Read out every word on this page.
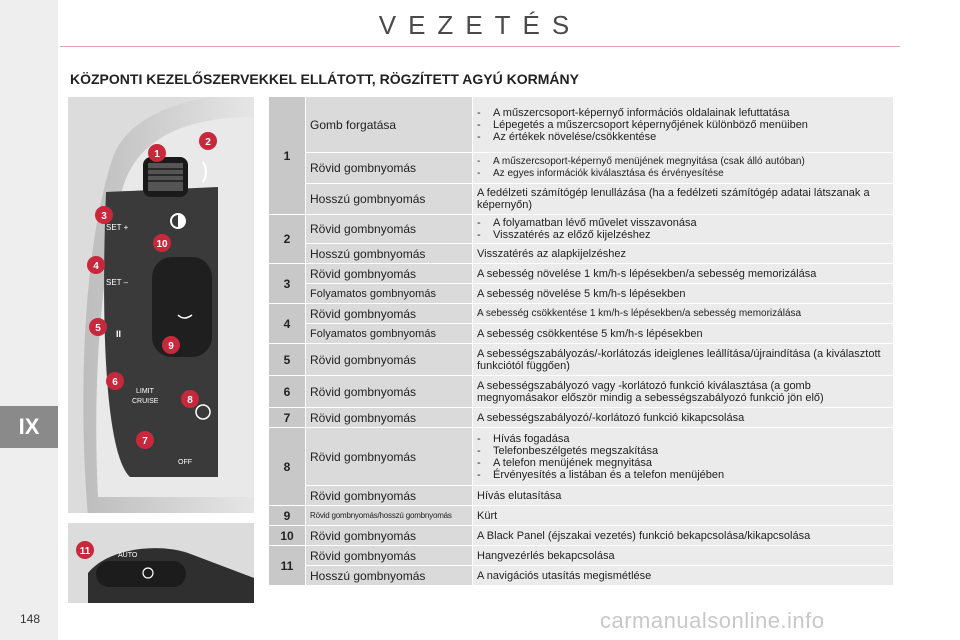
IX
VEZETÉS
KÖZPONTI KEZELŐSZERVEKKEL ELLÁTOTT, RÖGZÍTETT AGYÚ KORMÁNY
SET +
SET –
II
LIMIT
CRUISE
OFF
1
2
3
4
5
6
7
8
9
10
AUTO
11
1	Gomb forgatása	- A műszercsoport-képernyő információs oldalainak lefuttatása
- Lépegetés a műszercsoport képernyőjének különböző menüiben
- Az értékek növelése/csökkentése

	Rövid gombnyomás	- A műszercsoport-képernyő menüjének megnyitása (csak álló autóban)
- Az egyes információk kiválasztása és érvényesítése

	Hosszú gombnyomás	A fedélzeti számítógép lenullázása (ha a fedélzeti számítógép adatai látszanak a képernyőn)
2	Rövid gombnyomás	- A folyamatban lévő művelet visszavonása
- Visszatérés az előző kijelzéshez

	Hosszú gombnyomás	Visszatérés az alapkijelzéshez
3	Rövid gombnyomás	A sebesség növelése 1 km/h-s lépésekben/a sebesség memorizálása
	Folyamatos gombnyomás	A sebesség növelése 5 km/h-s lépésekben
4	Rövid gombnyomás	A sebesség csökkentése 1 km/h-s lépésekben/a sebesség memorizálása
	Folyamatos gombnyomás	A sebesség csökkentése 5 km/h-s lépésekben
5	Rövid gombnyomás	A sebességszabályozás/-korlátozás ideiglenes leállítása/újraindítása (a kiválasztott funkciótól függően)
6	Rövid gombnyomás	A sebességszabályozó vagy -korlátozó funkció kiválasztása (a gomb megnyomásakor először mindig a sebességszabályozó funkció jön elő)
7	Rövid gombnyomás	A sebességszabályozó/-korlátozó funkció kikapcsolása
8	Rövid gombnyomás	- Hívás fogadása
- Telefonbeszélgetés megszakítása
- A telefon menüjének megnyitása
- Érvényesítés a listában és a telefon menüjében

	Rövid gombnyomás	Hívás elutasítása
9	Rövid gombnyomás/hosszú gombnyomás	Kürt
10	Rövid gombnyomás	A Black Panel (éjszakai vezetés) funkció bekapcsolása/kikapcsolása
11	Rövid gombnyomás	Hangvezérlés bekapcsolása
	Hosszú gombnyomás	A navigációs utasítás megismétlése
148	carmanualsonline.info
